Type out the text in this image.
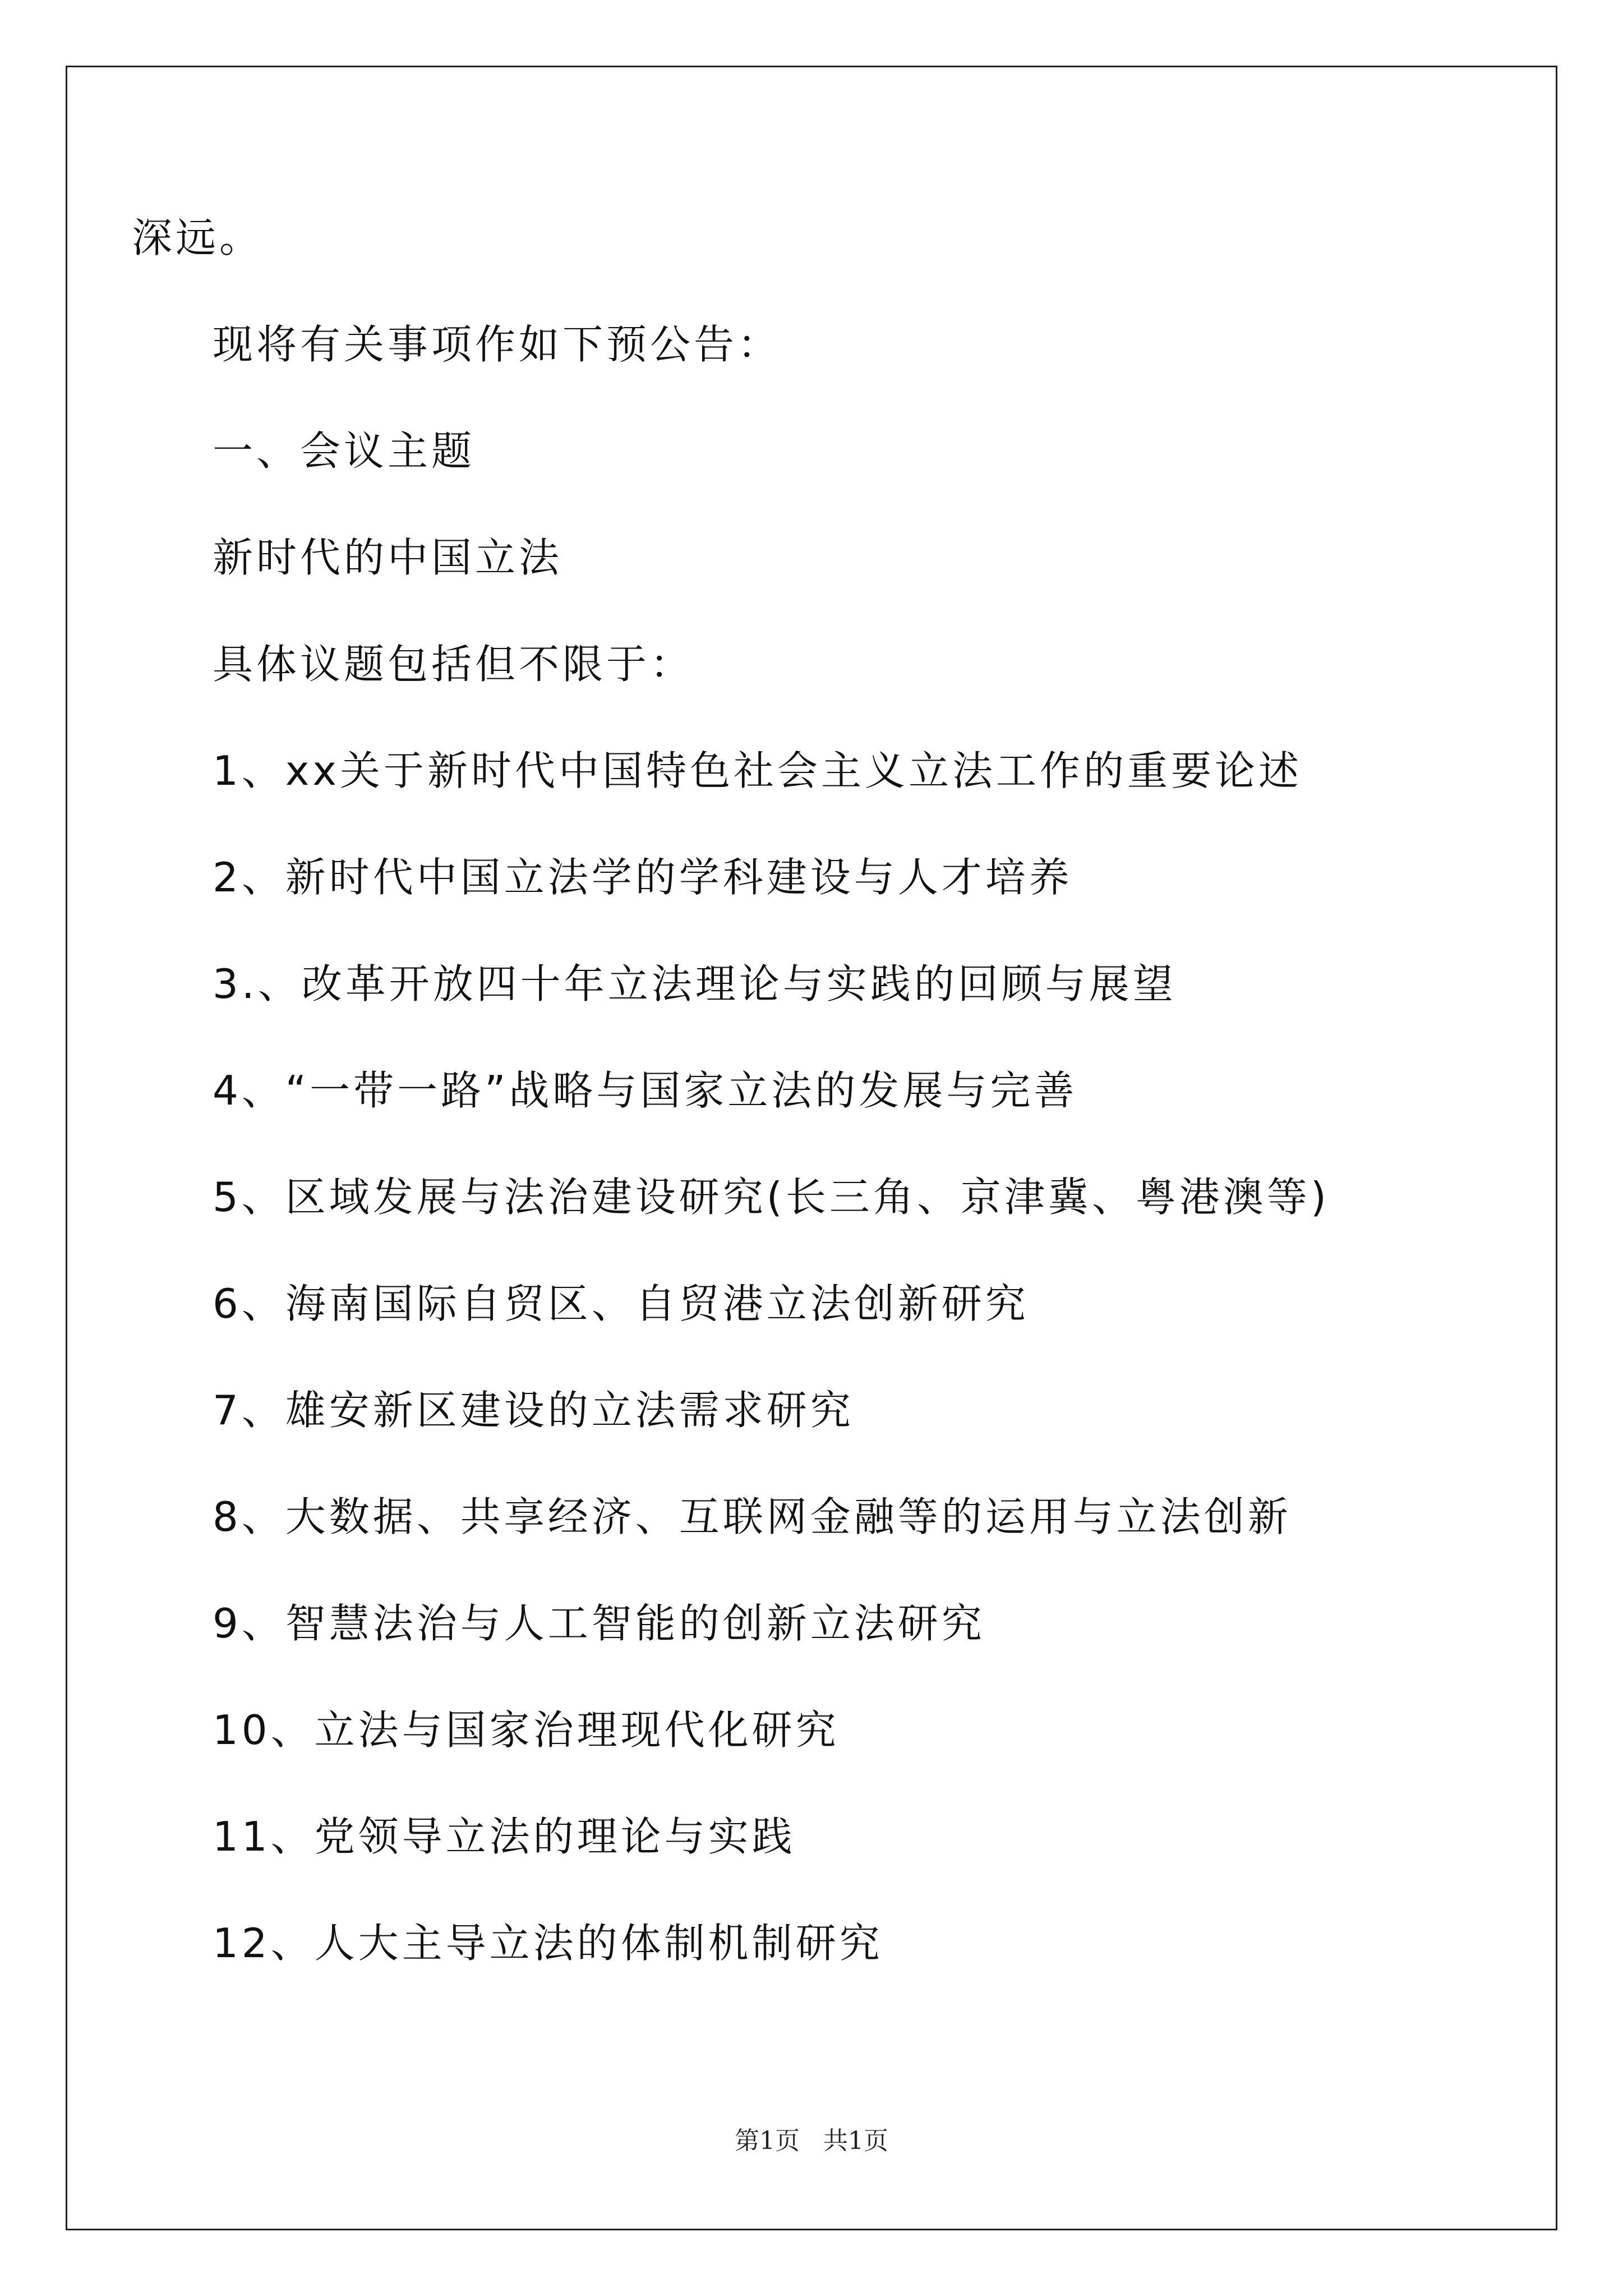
深远。
现将有关事项作如下预公告：
一、会议主题
新时代的中国立法
具体议题包括但不限于：
1、xx关于新时代中国特色社会主义立法工作的重要论述
2、新时代中国立法学的学科建设与人才培养
3.、改革开放四十年立法理论与实践的回顾与展望
4、“一带一路”战略与国家立法的发展与完善
5、区域发展与法治建设研究(长三角、京津冀、粤港澳等)
6、海南国际自贸区、自贸港立法创新研究
7、雄安新区建设的立法需求研究
8、大数据、共享经济、互联网金融等的运用与立法创新
9、智慧法治与人工智能的创新立法研究
10、立法与国家治理现代化研究
11、党领导立法的理论与实践
12、人大主导立法的体制机制研究
第1页   共1页
